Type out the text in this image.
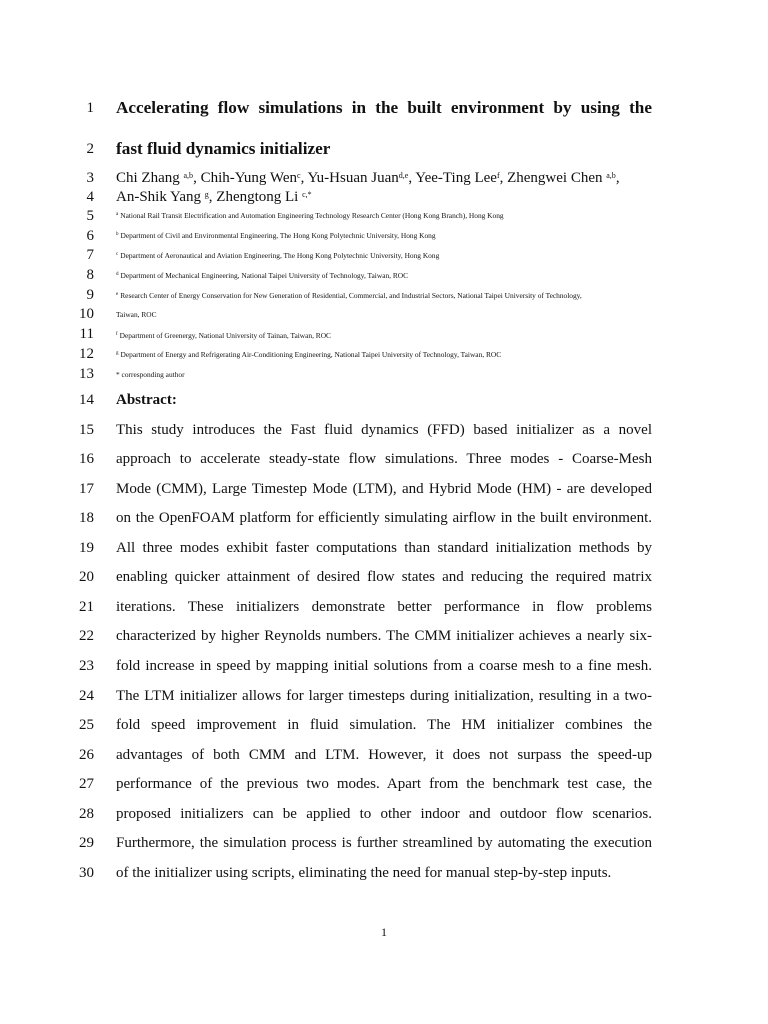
1
2
3
4
5
6
7
8
9
10
11
12
13
14
15
16
17
18
19
20
21
22
23
24
25
26
27
28
29
30
Accelerating flow simulations in the built environment by using the
fast fluid dynamics initializer
Chi Zhang $^{a,b}$, Chih-Yung Wen$^c$, Yu-Hsuan Juan$^{d,e}$, Yee-Ting Lee$^f$, Zhengwei Chen $^{a,b}$,
An-Shik Yang $^g$, Zhengtong Li $^{c,*}$
$^a$ National Rail Transit Electrification and Automation Engineering Technology Research Center (Hong Kong Branch), Hong Kong
$^b$ Department of Civil and Environmental Engineering, The Hong Kong Polytechnic University, Hong Kong
$^c$ Department of Aeronautical and Aviation Engineering, The Hong Kong Polytechnic University, Hong Kong
$^d$ Department of Mechanical Engineering, National Taipei University of Technology, Taiwan, ROC
$^e$ Research Center of Energy Conservation for New Generation of Residential, Commercial, and Industrial Sectors, National Taipei University of Technology,
Taiwan, ROC
$^f$ Department of Greenergy, National University of Tainan, Taiwan, ROC
$^g$ Department of Energy and Refrigerating Air-Conditioning Engineering, National Taipei University of Technology, Taiwan, ROC
* corresponding author
Abstract:
This study introduces the Fast fluid dynamics (FFD) based initializer as a novel
approach to accelerate steady-state flow simulations. Three modes - Coarse-Mesh
Mode (CMM), Large Timestep Mode (LTM), and Hybrid Mode (HM) - are developed
on the OpenFOAM platform for efficiently simulating airflow in the built environment.
All three modes exhibit faster computations than standard initialization methods by
enabling quicker attainment of desired flow states and reducing the required matrix
iterations. These initializers demonstrate better performance in flow problems
characterized by higher Reynolds numbers. The CMM initializer achieves a nearly six-
fold increase in speed by mapping initial solutions from a coarse mesh to a fine mesh.
The LTM initializer allows for larger timesteps during initialization, resulting in a two-
fold speed improvement in fluid simulation. The HM initializer combines the
advantages of both CMM and LTM. However, it does not surpass the speed-up
performance of the previous two modes. Apart from the benchmark test case, the
proposed initializers can be applied to other indoor and outdoor flow scenarios.
Furthermore, the simulation process is further streamlined by automating the execution
of the initializer using scripts, eliminating the need for manual step-by-step inputs.
1
